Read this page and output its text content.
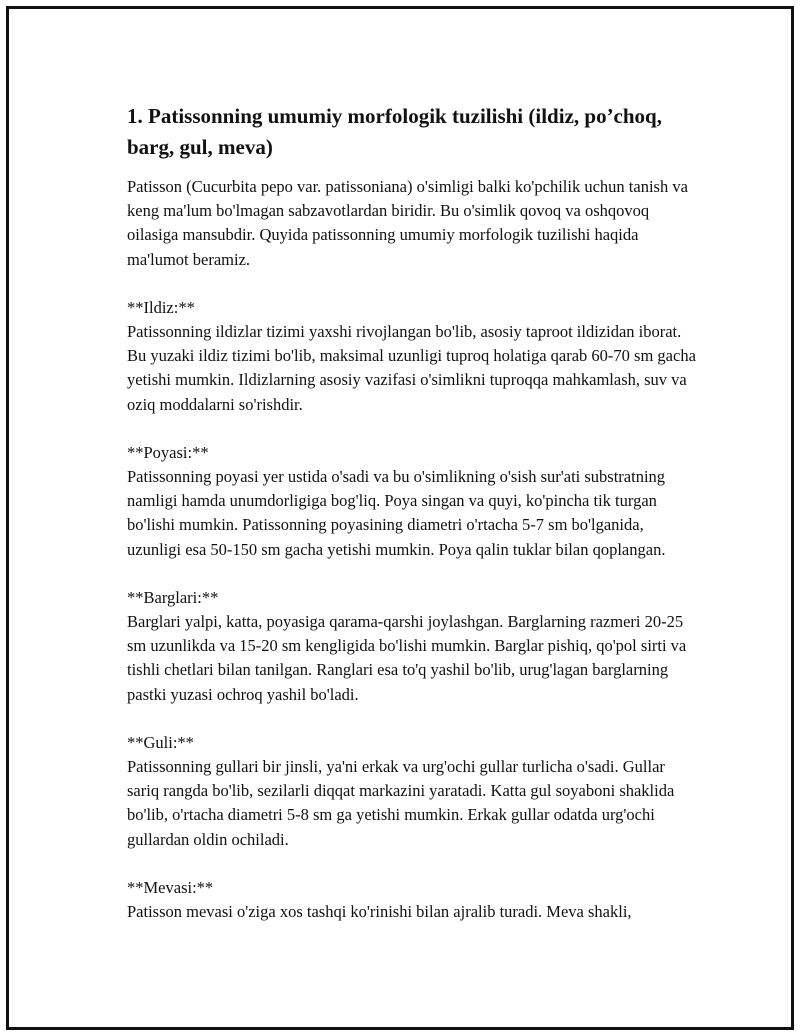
1. Patissonning umumiy morfologik tuzilishi (ildiz, po’choq, barg, gul, meva)

Patisson (Cucurbita pepo var. patissoniana) o'simligi balki ko'pchilik uchun tanish va keng ma'lum bo'lmagan sabzavotlardan biridir. Bu o'simlik qovoq va oshqovoq oilasiga mansubdir. Quyida patissonning umumiy morfologik tuzilishi haqida ma'lumot beramiz.

**Ildiz:**

Patissonning ildizlar tizimi yaxshi rivojlangan bo'lib, asosiy taproot ildizidan iborat. Bu yuzaki ildiz tizimi bo'lib, maksimal uzunligi tuproq holatiga qarab 60-70 sm gacha yetishi mumkin. Ildizlarning asosiy vazifasi o'simlikni tuproqqa mahkamlash, suv va oziq moddalarni so'rishdir.

**Poyasi:**

Patissonning poyasi yer ustida o'sadi va bu o'simlikning o'sish sur'ati substratning namligi hamda unumdorligiga bog'liq. Poya singan va quyi, ko'pincha tik turgan bo'lishi mumkin. Patissonning poyasining diametri o'rtacha 5-7 sm bo'lganida, uzunligi esa 50-150 sm gacha yetishi mumkin. Poya qalin tuklar bilan qoplangan.

**Barglari:**

Barglari yalpi, katta, poyasiga qarama-qarshi joylashgan. Barglarning razmeri 20-25 sm uzunlikda va 15-20 sm kengligida bo'lishi mumkin. Barglar pishiq, qo'pol sirti va tishli chetlari bilan tanilgan. Ranglari esa to'q yashil bo'lib, urug'lagan barglarning pastki yuzasi ochroq yashil bo'ladi.

**Guli:**

Patissonning gullari bir jinsli, ya'ni erkak va urg'ochi gullar turlicha o'sadi. Gullar sariq rangda bo'lib, sezilarli diqqat markazini yaratadi. Katta gul soyaboni shaklida bo'lib, o'rtacha diametri 5-8 sm ga yetishi mumkin. Erkak gullar odatda urg'ochi gullardan oldin ochiladi.

**Mevasi:**

Patisson mevasi o'ziga xos tashqi ko'rinishi bilan ajralib turadi. Meva shakli,
